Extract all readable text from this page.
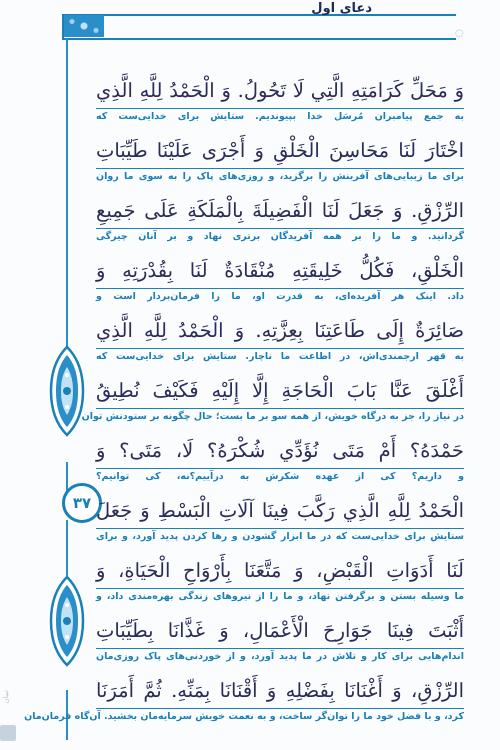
دعای اول
◌
۳۷
وَ مَحَلِّ كَرَامَتِهِ الَّتِي لَا تَحُولُ. وَ الْحَمْدُ لِلَّهِ الَّذِي
به جمع پیامبران مُرسَل خدا بپیوندیم. ستایش برای خدایی‌ست که
اخْتَارَ لَنَا مَحَاسِنَ الْخَلْقِ وَ أَجْرَى عَلَيْنَا طَيِّبَاتِ
برای ما زیبایی‌های آفرینش را برگزید، و روزی‌های پاک را به سوی ما روان
الرِّزْقِ. وَ جَعَلَ لَنَا الْفَضِيلَةَ بِالْمَلَكَةِ عَلَى جَمِيعِ
گردانید. و ما را بر همه آفریدگان برتری نهاد و بر آنان چیرگی
الْخَلْقِ، فَكُلُّ خَلِيقَتِهِ مُنْقَادَةٌ لَنَا بِقُدْرَتِهِ وَ
داد. اینک هر آفریده‌ای، به قدرت او، ما را فرمان‌بردار است و
صَائِرَةٌ إِلَى طَاعَتِنَا بِعِزَّتِهِ. وَ الْحَمْدُ لِلَّهِ الَّذِي
به قهر ارجمندی‌اش، در اطاعت ما ناچار. ستایش برای خدایی‌ست که
أَغْلَقَ عَنَّا بَابَ الْحَاجَةِ إِلَّا إِلَيْهِ فَكَيْفَ نُطِيقُ
در نیاز را، جز به درگاه خویش، از همه سو بر ما بست؛ حال چگونه بر ستودنش توان
حَمْدَهُ؟ أَمْ مَتَى نُؤَدِّي شُكْرَهُ؟ لَا، مَتَى؟ وَ
و داریم؟ کی از عهده شکرش به درآییم؟نه، کی توانیم؟
الْحَمْدُ لِلَّهِ الَّذِي رَكَّبَ فِينَا آلَاتِ الْبَسْطِ وَ جَعَلَ
ستایش برای خدایی‌ست که در ما ابزار گشودن و رها کردن پدید آورد، و برای
لَنَا أَدَوَاتِ الْقَبْضِ، وَ مَتَّعَنَا بِأَرْوَاحِ الْحَيَاةِ، وَ
ما وسیله بستن و برگرفتن نهاد، و ما را از نیروهای زندگی بهره‌مندی داد، و
أَثْبَتَ فِينَا جَوَارِحَ الْأَعْمَالِ، وَ غَذَّانَا بِطَيِّبَاتِ
اندام‌هایی برای کار و تلاش در ما پدید آورد، و از خوردنی‌های پاک روزی‌مان
الرِّزْقِ، وَ أَغْنَانَا بِفَضْلِهِ وَ أَقْنَانَا بِمَنِّهِ. ثُمَّ أَمَرَنَا
کرد، و با فضل خود ما را توان‌گر ساخت، و به نعمت خویش سرمایه‌مان بخشید. آن‌گاه فرمان‌مان
تبیان
